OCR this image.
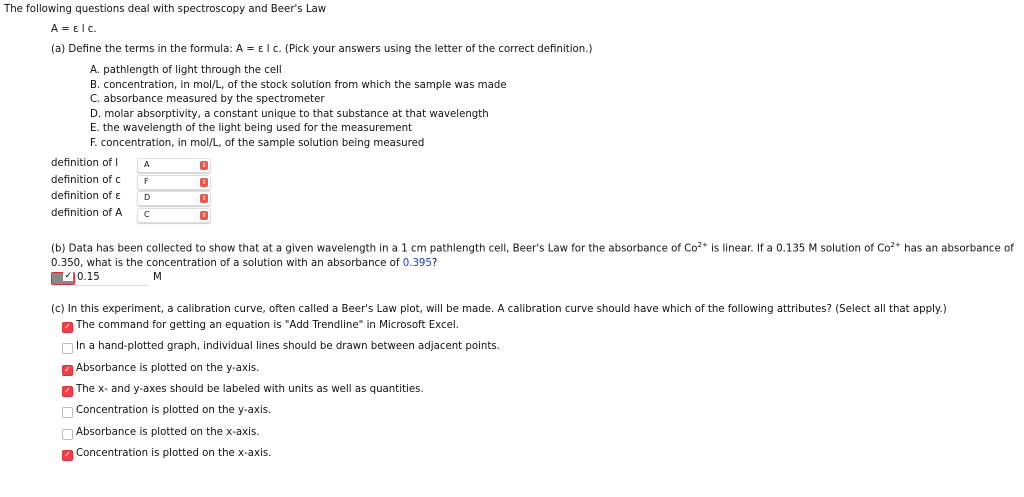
The following questions deal with spectroscopy and Beer's Law
A = ε l c.
(a) Define the terms in the formula: A = ε l c. (Pick your answers using the letter of the correct definition.)
A. pathlength of light through the cell
B. concentration, in mol/L, of the stock solution from which the sample was made
C. absorbance measured by the spectrometer
D. molar absorptivity, a constant unique to that substance at that wavelength
E. the wavelength of the light being used for the measurement
F. concentration, in mol/L, of the sample solution being measured
definition of l	A	⇕
definition of c	F	⇕
definition of ε	D	⇕
definition of A	C	⇕
(b) Data has been collected to show that at a given wavelength in a 1 cm pathlength cell, Beer's Law for the absorbance of $Co^{2+}$ is linear. If a 0.135 M solution of $Co^{2+}$ has an absorbance of
0.350, what is the concentration of a solution with an absorbance of 0.395?
✓ 0.15	M
(c) In this experiment, a calibration curve, often called a Beer's Law plot, will be made. A calibration curve should have which of the following attributes? (Select all that apply.)
✓
The command for getting an equation is "Add Trendline" in Microsoft Excel.
In a hand-plotted graph, individual lines should be drawn between adjacent points.
✓
Absorbance is plotted on the y-axis.
✓
The x- and y-axes should be labeled with units as well as quantities.
Concentration is plotted on the y-axis.
Absorbance is plotted on the x-axis.
✓
Concentration is plotted on the x-axis.
